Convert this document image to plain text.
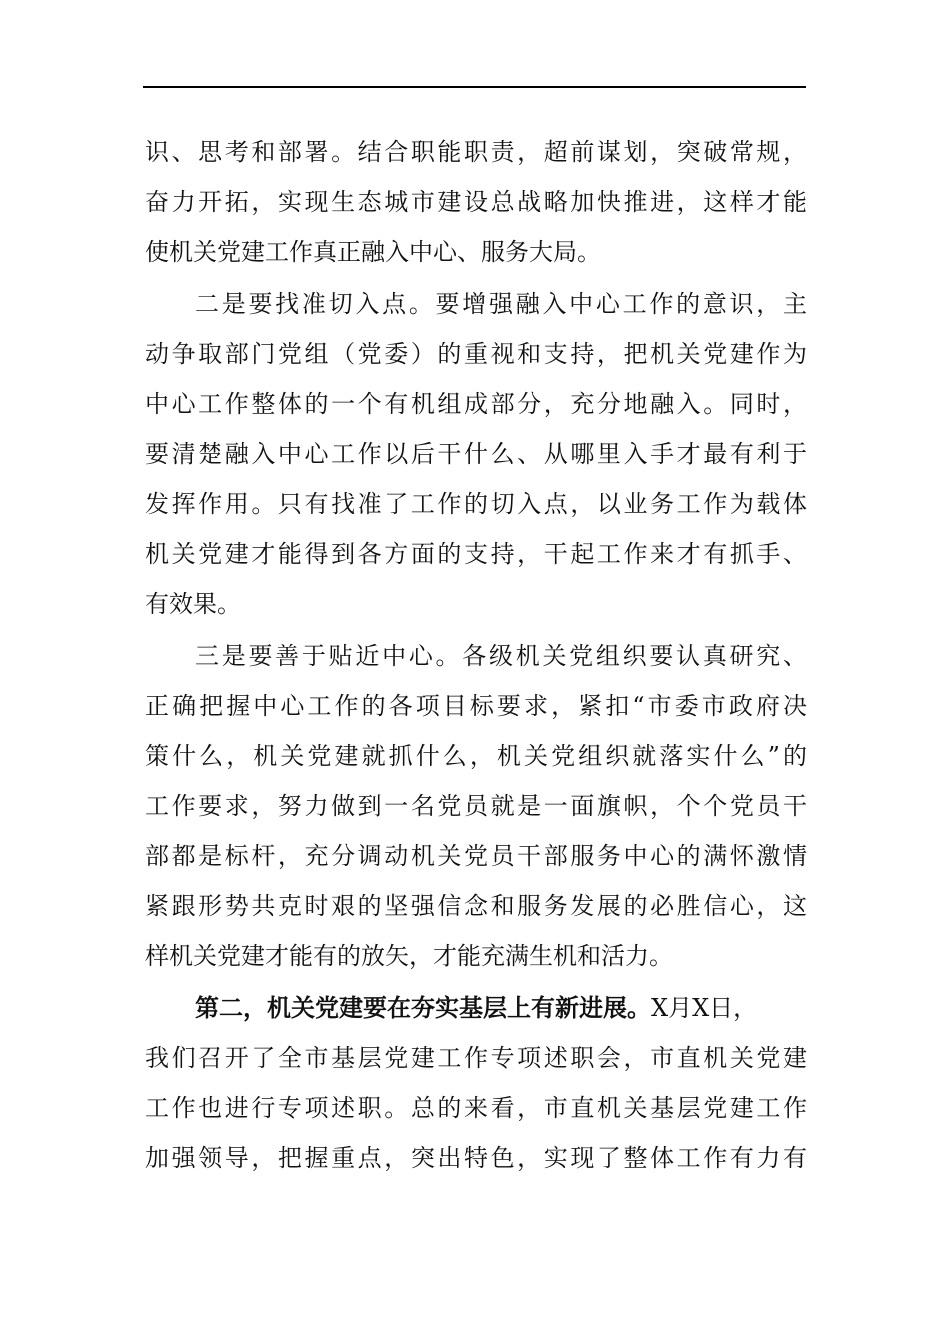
识、思考和部署。结合职能职责，超前谋划，突破常规，
奋力开拓，实现生态城市建设总战略加快推进，这样才能
使机关党建工作真正融入中心、服务大局。
二是要找准切入点。要增强融入中心工作的意识，主
动争取部门党组（党委）的重视和支持，把机关党建作为
中心工作整体的一个有机组成部分，充分地融入。同时，
要清楚融入中心工作以后干什么、从哪里入手才最有利于
发挥作用。只有找准了工作的切入点，以业务工作为载体
机关党建才能得到各方面的支持，干起工作来才有抓手、
有效果。
三是要善于贴近中心。各级机关党组织要认真研究、
正确把握中心工作的各项目标要求，紧扣“市委市政府决
策什么，机关党建就抓什么，机关党组织就落实什么”的
工作要求，努力做到一名党员就是一面旗帜，个个党员干
部都是标杆，充分调动机关党员干部服务中心的满怀激情
紧跟形势共克时艰的坚强信念和服务发展的必胜信心，这
样机关党建才能有的放矢，才能充满生机和活力。
第二，机关党建要在夯实基层上有新进展。X月X日，
我们召开了全市基层党建工作专项述职会，市直机关党建
工作也进行专项述职。总的来看，市直机关基层党建工作
加强领导，把握重点，突出特色，实现了整体工作有力有
